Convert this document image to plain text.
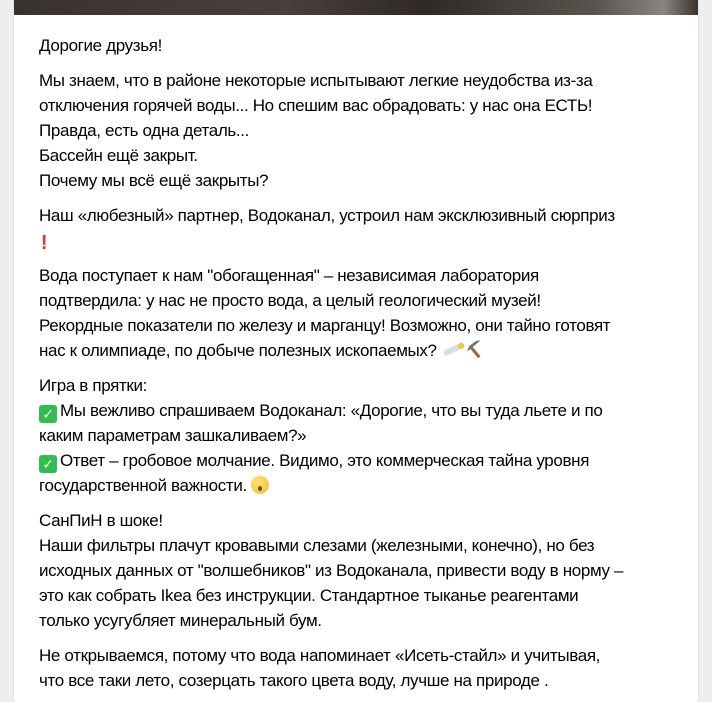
Дорогие друзья!
Мы знаем, что в районе некоторые испытывают легкие неудобства из-за
отключения горячей воды... Но спешим вас обрадовать: у нас она ЕСТЬ!
Правда, есть одна деталь...
Бассейн ещё закрыт.
Почему мы всё ещё закрыты?
Наш «любезный» партнер, Водоканал, устроил нам эксклюзивный сюрприз
!
Вода поступает к нам "обогащенная" – независимая лаборатория
подтвердила: у нас не просто вода, а целый геологический музей!
Рекордные показатели по железу и марганцу! Возможно, они тайно готовят
нас к олимпиаде, по добыче полезных ископаемых?
Игра в прятки:
✓ Мы вежливо спрашиваем Водоканал: «Дорогие, что вы туда льете и по
каким параметрам зашкаливаем?»
✓ Ответ – гробовое молчание. Видимо, это коммерческая тайна уровня
государственной важности.
СанПиН в шоке!
Наши фильтры плачут кровавыми слезами (железными, конечно), но без
исходных данных от "волшебников" из Водоканала, привести воду в норму –
это как собрать Ikea без инструкции. Стандартное тыканье реагентами
только усугубляет минеральный бум.
Не открываемся, потому что вода напоминает «Исеть-стайл» и учитывая,
что все таки лето, созерцать такого цвета воду, лучше на природе .
